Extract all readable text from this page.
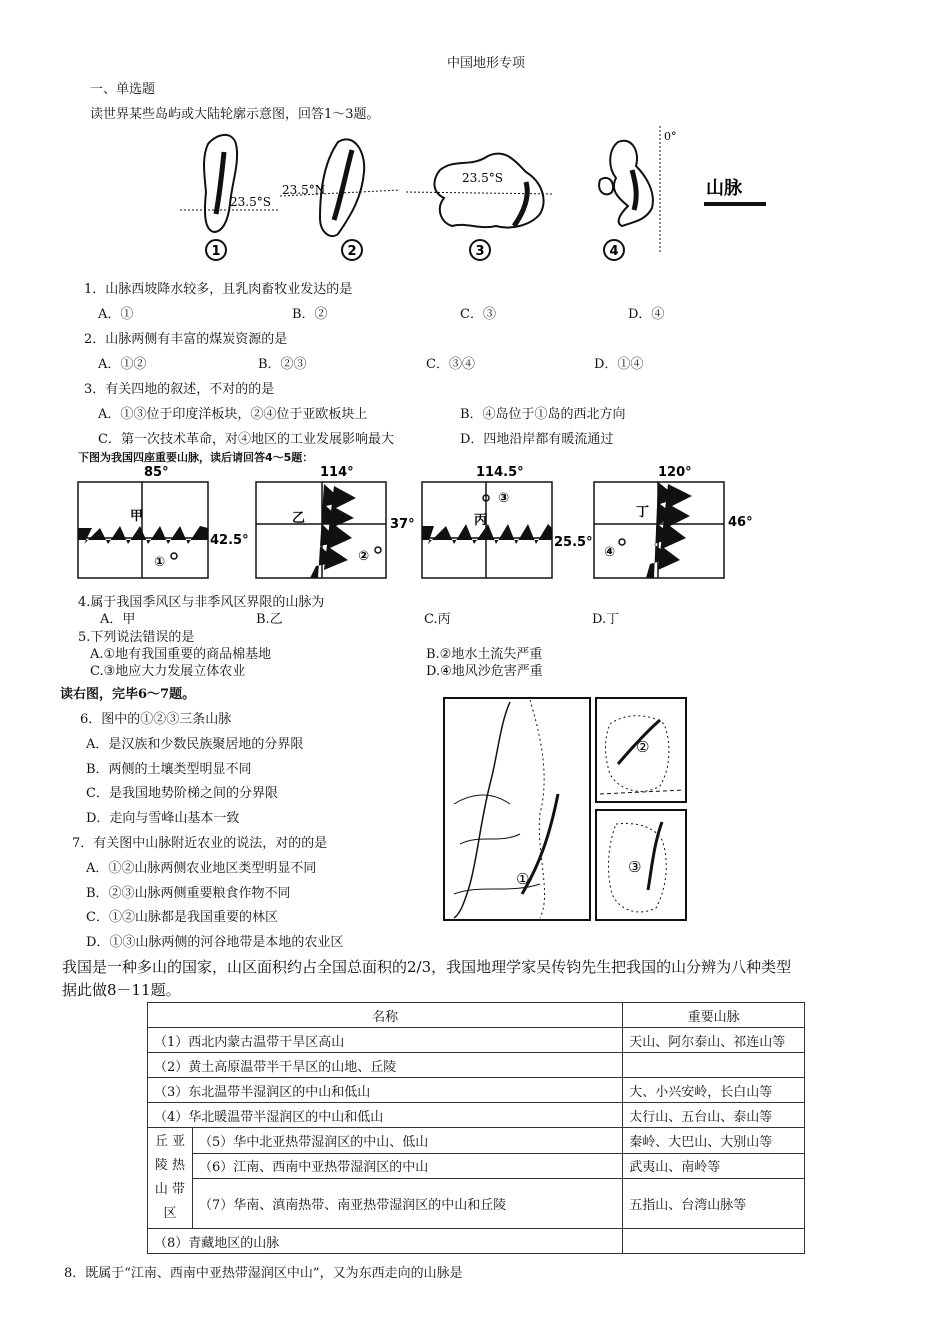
中国地形专项
一、单选题
读世界某些岛屿或大陆轮廓示意图，回答1～3题。
23.5°S
23.5°N
23.5°S
0°
山脉
1	2	3	4
1．山脉西坡降水较多，且乳肉畜牧业发达的是
A．①	B．②	C．③	D．④
2．山脉两侧有丰富的煤炭资源的是
A．①②	B．②③	C．③④	D．①④
3．有关四地的叙述，不对的的是
A．①③位于印度洋板块，②④位于亚欧板块上	B．④岛位于①岛的西北方向
C．第一次技术革命，对④地区的工业发展影响最大	D．四地沿岸都有暖流通过
下图为我国四座重要山脉，读后请回答4～5题：
85°
甲
①
42.5°
114°
乙
②
37°
114.5°
丙
③
25.5°
120°
丁
④
46°
4.属于我国季风区与非季风区界限的山脉为
A．甲	B.乙	C.丙	D.丁
5.下列说法错误的是
A.①地有我国重要的商品棉基地	B.②地水土流失严重
C.③地应大力发展立体农业	D.④地风沙危害严重
读右图，完毕6～7题。
6．图中的①②③三条山脉
A．是汉族和少数民族聚居地的分界限
B．两侧的土壤类型明显不同
C．是我国地势阶梯之间的分界限
D．走向与雪峰山基本一致
7．有关图中山脉附近农业的说法，对的的是
A．①②山脉两侧农业地区类型明显不同
B．②③山脉两侧重要粮食作物不同
C．①②山脉都是我国重要的林区
D．①③山脉两侧的河谷地带是本地的农业区
①
②
③
我国是一种多山的国家，山区面积约占全国总面积的2/3，我国地理学家吴传钧先生把我国的山分辨为八种类型
据此做8－11题。
名称		重要山脉
（1）西北内蒙古温带干旱区高山		天山、阿尔泰山、祁连山等
（2）黄土高原温带半干旱区的山地、丘陵		
（3）东北温带半湿润区的中山和低山		大、小兴安岭，长白山等
（4）华北暖温带半湿润区的中山和低山		太行山、五台山、泰山等
丘 亚 陵 热 山 带 区	（5）华中北亚热带湿润区的中山、低山	秦岭、大巴山、大别山等
	（6）江南、西南中亚热带湿润区的中山	武夷山、南岭等
	（7）华南、滇南热带、南亚热带湿润区的中山和丘陵	五指山、台湾山脉等
（8）青藏地区的山脉		
8．既属于“江南、西南中亚热带湿润区中山”，又为东西走向的山脉是
